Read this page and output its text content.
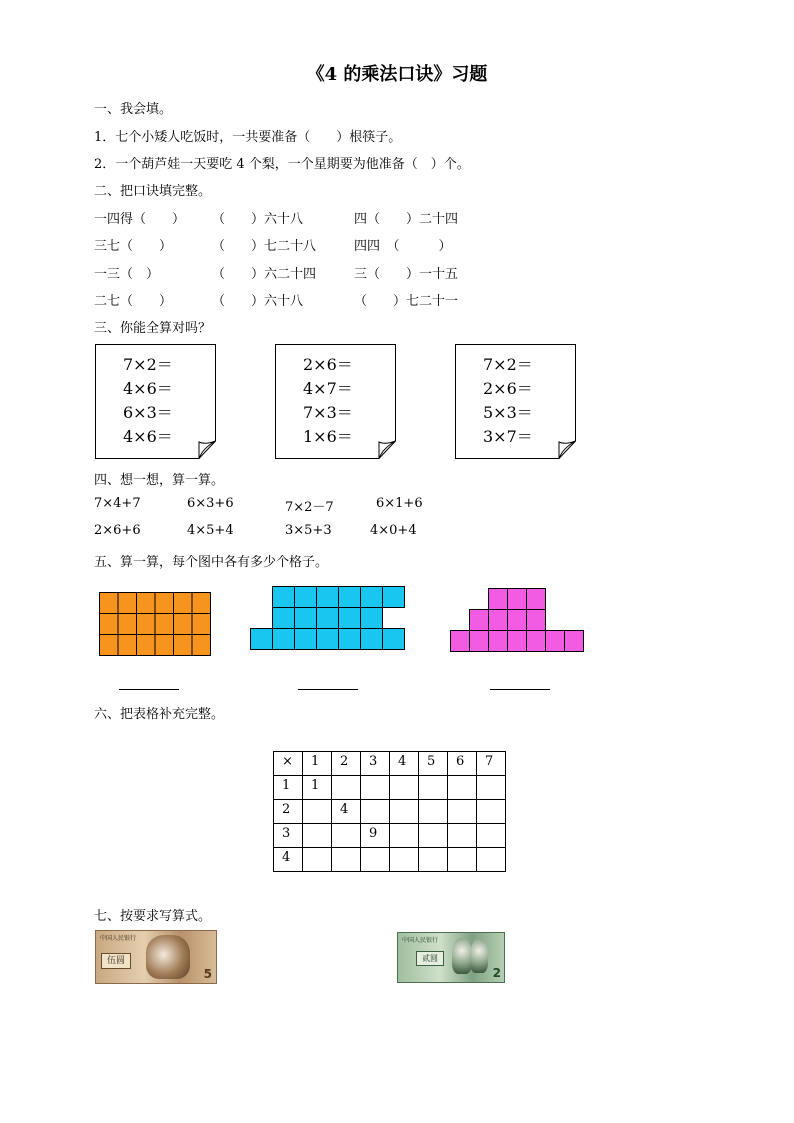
《4 的乘法口诀》习题
一、我会填。
1．七个小矮人吃饭时，一共要准备（　　）根筷子。
2．一个葫芦娃一天要吃 4 个梨，一个星期要为他准备（　）个。
二、把口诀填完整。
一四得（　　） （　　）六十八	四（　　）二十四
三七（　　）	（　　）七二十八	四四　（　　　）
一三（　）	（　　）六二十四	三（　　）一十五
二七（　　）	（　　）六十八	（　　）七二十一
三、你能全算对吗？
7×2＝
4×6＝
6×3＝
4×6＝
2×6＝
4×7＝
7×3＝
1×6＝
7×2＝
2×6＝
5×3＝
3×7＝
四、想一想，算一算。
7×4+7	6×3+6	7×2－7	6×1+6
2×6+6	4×5+4	3×5+3	4×0+4
五、算一算，每个图中各有多少个格子。
六、把表格补充完整。
×	1	2	3	4	5	6	7
1	1						
2		4					
3			9				
4							
七、按要求写算式。
中国人民银行
伍圆
5
中国人民银行
贰圆
2
